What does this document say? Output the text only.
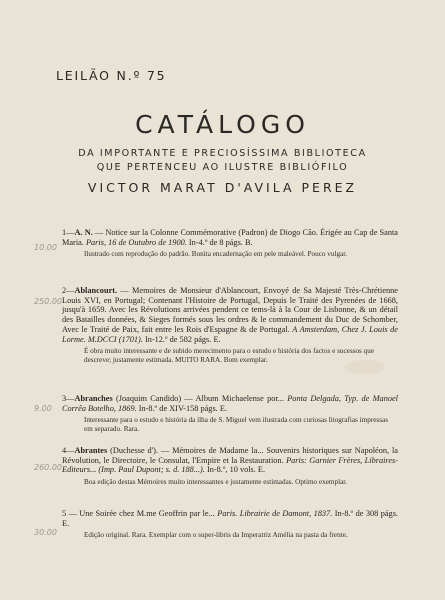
LEILÃO N.º 75
CATÁLOGO
DA IMPORTANTE E PRECIOSÍSSIMA BIBLIOTECA
QUE PERTENCEU AO ILUSTRE BIBLIÓFILO
VICTOR MARAT D'AVILA PEREZ
10.00
1—A. N. — Notice sur la Colonne Commémorative (Padron) de Diogo Cão. Érigée au Cap de Santa Maria. Paris, 16 de Outubro de 1900. In-4.º de 8 págs. B.
Ilustrado com reprodução do padrão. Bonita encadernação em pele maleável. Pouco vulgar.
250.00
2—Ablancourt. — Memoires de Monsieur d'Ablancourt, Envoyé de Sa Majesté Très-Chrétienne Louis XVI, en Portugal; Contenant l'Histoire de Portugal, Depuis le Traité des Pyrenées de 1668, jusqu'à 1659. Avec les Révolutions arrivées pendent ce tems-là à la Cour de Lisbonne, & un détail des Batailles données, & Sieges formés sous les ordres & le commandement du Duc de Schomber, Avec le Traité de Paix, fait entre les Rois d'Espagne & de Portugal. A Amsterdam, Chez J. Louis de Lorme. M.DCCI (1701). In-12.º de 582 págs. E.
É obra muito interessante e de subido merecimento para o estudo e história dos factos e sucessos que descreve; justamente estimada. MUITO RARA. Bom exemplar.
9.00
3—Abranches (Joaquim Candido) — Album Michaelense por... Ponta Delgada, Typ. de Manoel Corrêa Botelho, 1869. In-8.º de XIV-158 págs. E.
Interessante para o estudo e história da ilha de S. Miguel vem ilustrada com curiosas litografias impressas em separado. Rara.
260.00
4—Abrantes (Duchesse d'). — Mémoires de Madame la... Souvenirs historiques sur Napoléon, la Révolution, le Directoire, le Consulat, l'Empire et la Restauration. Paris: Garnier Frères, Libraires-Editeurs... (Imp. Paul Dupont; s. d. 188...). In-8.º, 10 vols. E.
Boa edição destas Mémoires muito interessantes e justamente estimadas. Optimo exemplar.
30.00
5 — Une Soirée chez M.me Geoffrin par le... Paris. Librairie de Damont, 1837. In-8.º de 308 págs. E.
Edição original. Rara. Exemplar com o super-libris da Imperatriz Amélia na pasta da frente.
